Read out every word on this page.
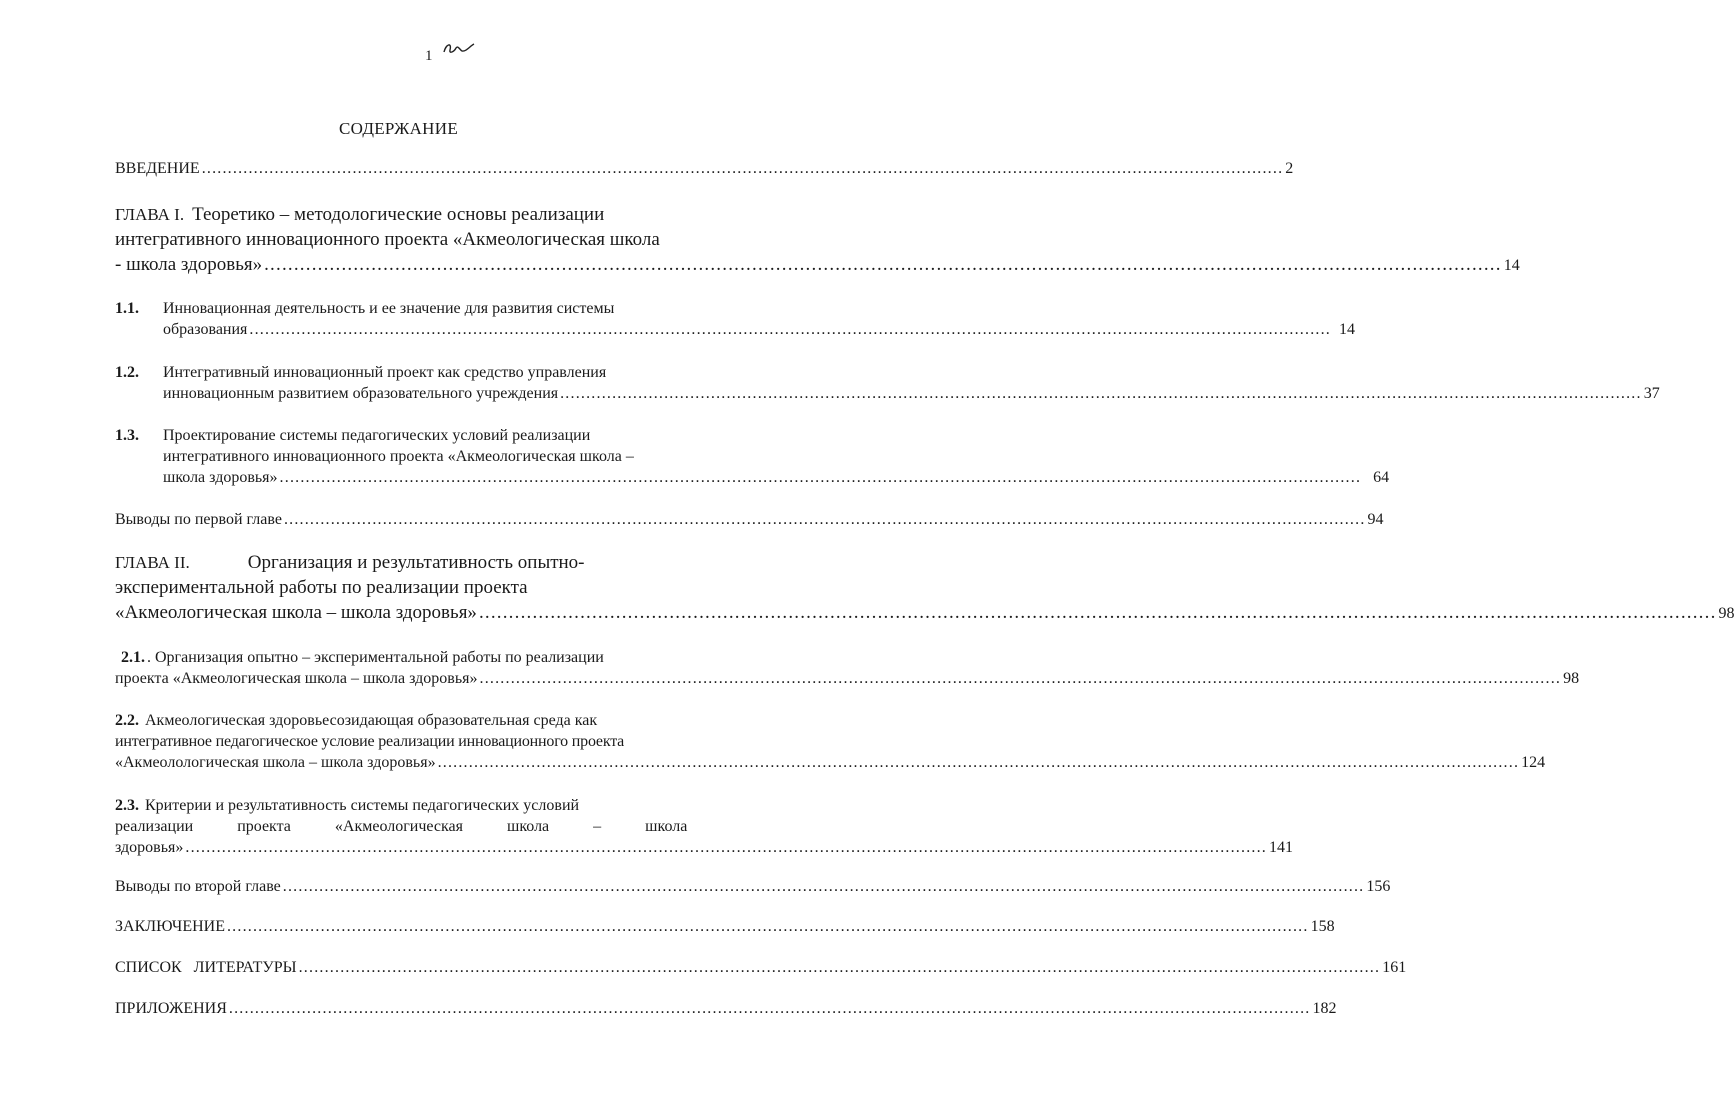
1
СОДЕРЖАНИЕ
ВВЕДЕНИЕ .....	2
ГЛАВА I. Теоретико – методологические основы реализации
интегративного инновационного проекта «Акмеологическая школа
- школа здоровья» .....	14
1.1.	Инновационная деятельность и ее значение для развития системы
образования .....	14
1.2.	Интегративный инновационный проект как средство управления
инновационным развитием образовательного учреждения .....	37
1.3.	Проектирование системы педагогических условий реализации
интегративного инновационного проекта «Акмеологическая школа –
школа здоровья» .....	64
Выводы по первой главе .....	94
ГЛАВА II.	Организация и результативность опытно-
экспериментальной работы по реализации проекта
«Акмеологическая школа – школа здоровья» .....	98
2.1. . Организация опытно – экспериментальной работы по реализации
проекта «Акмеологическая школа – школа здоровья» .....	98
2.2. Акмеологическая здоровьесозидающая образовательная среда как
интегративное педагогическое условие реализации инновационного проекта
«Акмеолологическая школа – школа здоровья» .....	124
2.3. Критерии и результативность системы педагогических условий
реализации проекта «Акмеологическая школа – школа
здоровья» .....	141
Выводы по второй главе .....	156
ЗАКЛЮЧЕНИЕ .....	158
СПИСОК ЛИТЕРАТУРЫ .....	161
ПРИЛОЖЕНИЯ .....	182
